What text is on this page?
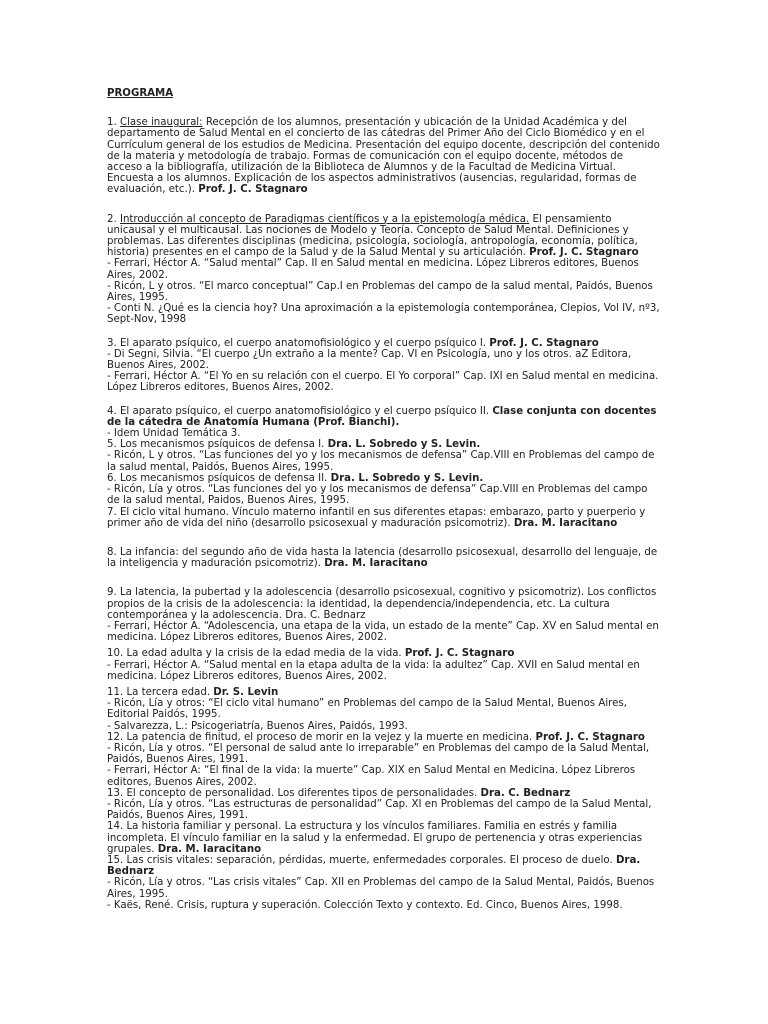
PROGRAMA

1. Clase inaugural: Recepción de los alumnos, presentación y ubicación de la Unidad Académica y del departamento de Salud Mental en el concierto de las cátedras del Primer Año del Ciclo Biomédico y en el Currículum general de los estudios de Medicina. Presentación del equipo docente, descripción del contenido de la materia y metodología de trabajo. Formas de comunicación con el equipo docente, métodos de acceso a la bibliografía, utilización de la Biblioteca de Alumnos y de la Facultad de Medicina Virtual. Encuesta a los alumnos. Explicación de los aspectos administrativos (ausencias, regularidad, formas de evaluación, etc.). Prof. J. C. Stagnaro

2. Introducción al concepto de Paradigmas científicos y a la epistemología médica. El pensamiento unicausal y el multicausal. Las nociones de Modelo y Teoría. Concepto de Salud Mental. Definiciones y problemas. Las diferentes disciplinas (medicina, psicología, sociología, antropología, economía, política, historia) presentes en el campo de la Salud y de la Salud Mental y su articulación. Prof. J. C. Stagnaro

- Ferrari, Héctor A. “Salud mental” Cap. II en Salud mental en medicina. López Libreros editores, Buenos Aires, 2002.

- Ricón, L y otros. “El marco conceptual” Cap.I en Problemas del campo de la salud mental, Paidós, Buenos Aires, 1995.

- Conti N. ¿Qué es la ciencia hoy? Una aproximación a la epistemología contemporánea, Clepios, Vol IV, nº3, Sept-Nov, 1998

3. El aparato psíquico, el cuerpo anatomofisiológico y el cuerpo psíquico I. Prof. J. C. Stagnaro

- Di Segni, Silvia. “El cuerpo ¿Un extraño a la mente? Cap. VI en Psicología, uno y los otros. aZ Editora, Buenos Aires, 2002.

- Ferrari, Héctor A. “El Yo en su relación con el cuerpo. El Yo corporal” Cap. IXI en Salud mental en medicina. López Libreros editores, Buenos Aires, 2002.

4. El aparato psíquico, el cuerpo anatomofisiológico y el cuerpo psíquico II. Clase conjunta con docentes de la cátedra de Anatomía Humana (Prof. Bianchi).

- Idem Unidad Temática 3.

5. Los mecanismos psíquicos de defensa I. Dra. L. Sobredo y S. Levin.

- Ricón, L y otros. “Las funciones del yo y los mecanismos de defensa” Cap.VIII en Problemas del campo de la salud mental, Paidós, Buenos Aires, 1995.

6. Los mecanismos psíquicos de defensa II. Dra. L. Sobredo y S. Levin.

- Ricón, Lía y otros. “Las funciones del yo y los mecanismos de defensa” Cap.VIII en Problemas del campo de la salud mental, Paidos, Buenos Aires, 1995.

7. El ciclo vital humano. Vínculo materno infantil en sus diferentes etapas: embarazo, parto y puerperio y primer año de vida del niño (desarrollo psicosexual y maduración psicomotriz). Dra. M. Iaracitano

8. La infancia: del segundo año de vida hasta la latencia (desarrollo psicosexual, desarrollo del lenguaje, de la inteligencia y maduración psicomotriz). Dra. M. Iaracitano

9. La latencia, la pubertad y la adolescencia (desarrollo psicosexual, cognitivo y psicomotriz). Los conflictos propios de la crisis de la adolescencia: la identidad, la dependencia/independencia, etc. La cultura contemporánea y la adolescencia. Dra. C. Bednarz

- Ferrari, Héctor A. “Adolescencia, una etapa de la vida, un estado de la mente” Cap. XV en Salud mental en medicina. López Libreros editores, Buenos Aires, 2002.

10. La edad adulta y la crisis de la edad media de la vida. Prof. J. C. Stagnaro

- Ferrari, Héctor A. “Salud mental en la etapa adulta de la vida: la adultez” Cap. XVII en Salud mental en medicina. López Libreros editores, Buenos Aires, 2002.

11. La tercera edad. Dr. S. Levin

- Ricón, Lía y otros: “El ciclo vital humano” en Problemas del campo de la Salud Mental, Buenos Aires, Editorial Paidós, 1995.

- Salvarezza, L.: Psicogeriatría, Buenos Aires, Paidós, 1993.

12. La patencia de finitud, el proceso de morir en la vejez y la muerte en medicina. Prof. J. C. Stagnaro

- Ricón, Lía y otros. “El personal de salud ante lo irreparable” en Problemas del campo de la Salud Mental, Paidós, Buenos Aires, 1991.

- Ferrari, Héctor A: “El final de la vida: la muerte” Cap. XIX en Salud Mental en Medicina. López Libreros editores, Buenos Aires, 2002.

13. El concepto de personalidad. Los diferentes tipos de personalidades. Dra. C. Bednarz

- Ricón, Lía y otros. “Las estructuras de personalidad” Cap. XI en Problemas del campo de la Salud Mental, Paidós, Buenos Aires, 1991.

14. La historia familiar y personal. La estructura y los vínculos familiares. Familia en estrés y familia incompleta. El vínculo familiar en la salud y la enfermedad. El grupo de pertenencia y otras experiencias grupales. Dra. M. Iaracitano

15. Las crisis vitales: separación, pérdidas, muerte, enfermedades corporales. El proceso de duelo. Dra. Bednarz

- Ricón, Lía y otros. “Las crisis vitales” Cap. XII en Problemas del campo de la Salud Mental, Paidós, Buenos Aires, 1995.

- Kaës, René. Crisis, ruptura y superación. Colección Texto y contexto. Ed. Cinco, Buenos Aires, 1998.
